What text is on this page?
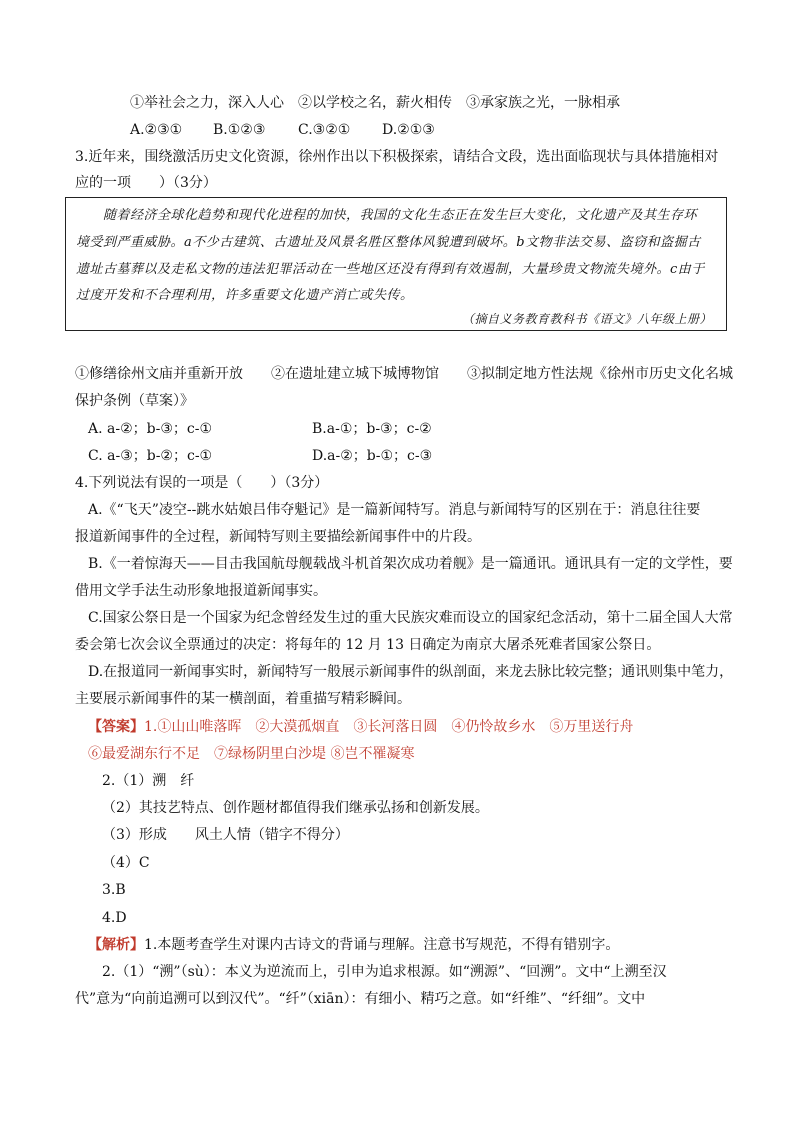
①举社会之力，深入人心　②以学校之名，薪火相传　③承家族之光，一脉相承
A.②③① B.①②③ C.③②① D.②①③
3.近年来，围绕激活历史文化资源，徐州作出以下积极探索，请结合文段，选出面临现状与具体措施相对
应的一项　　）（3分）
随着经济全球化趋势和现代化进程的加快，我国的文化生态正在发生巨大变化，文化遗产及其生存环
境受到严重威胁。a不少古建筑、古遗址及风景名胜区整体风貌遭到破坏。b文物非法交易、盗窃和盗掘古
遗址古墓葬以及走私文物的违法犯罪活动在一些地区还没有得到有效遏制，大量珍贵文物流失境外。c由于
过度开发和不合理利用，许多重要文化遗产消亡或失传。
（摘自义务教育教科书《语文》八年级上册）
①修缮徐州文庙并重新开放　　②在遗址建立城下城博物馆　　③拟制定地方性法规《徐州市历史文化名城
保护条例（草案）》
A. a-②；b-③；c-①	B.a-①；b-③；c-②
C. a-③；b-②；c-①	D.a-②；b-①；c-③
4.下列说法有误的一项是（　　）（3分）
A.《“飞天”凌空--跳水姑娘吕伟夺魁记》是一篇新闻特写。消息与新闻特写的区别在于：消息往往要
报道新闻事件的全过程，新闻特写则主要描绘新闻事件中的片段。
B.《一着惊海天——目击我国航母舰载战斗机首架次成功着舰》是一篇通讯。通讯具有一定的文学性，要
借用文学手法生动形象地报道新闻事实。
C.国家公祭日是一个国家为纪念曾经发生过的重大民族灾难而设立的国家纪念活动，第十二届全国人大常
委会第七次会议全票通过的决定：将每年的 12 月 13 日确定为南京大屠杀死难者国家公祭日。
D.在报道同一新闻事实时，新闻特写一般展示新闻事件的纵剖面，来龙去脉比较完整；通讯则集中笔力，
主要展示新闻事件的某一横剖面，着重描写精彩瞬间。
【答案】1.①山山唯落晖　②大漠孤烟直　③长河落日圆　④仍怜故乡水　⑤万里送行舟
⑥最爱湖东行不足　⑦绿杨阴里白沙堤 ⑧岂不罹凝寒
2.（1）溯　纤
（2）其技艺特点、创作题材都值得我们继承弘扬和创新发展。
（3）形成　　风土人情（错字不得分）
（4）C
3.B
4.D
【解析】1.本题考查学生对课内古诗文的背诵与理解。注意书写规范，不得有错别字。
2.（1）“溯”（sù）：本义为逆流而上，引申为追求根源。如“溯源”、“回溯”。文中“上溯至汉
代”意为“向前追溯可以到汉代”。“纤”（xiān）：有细小、精巧之意。如“纤维”、“纤细”。文中
